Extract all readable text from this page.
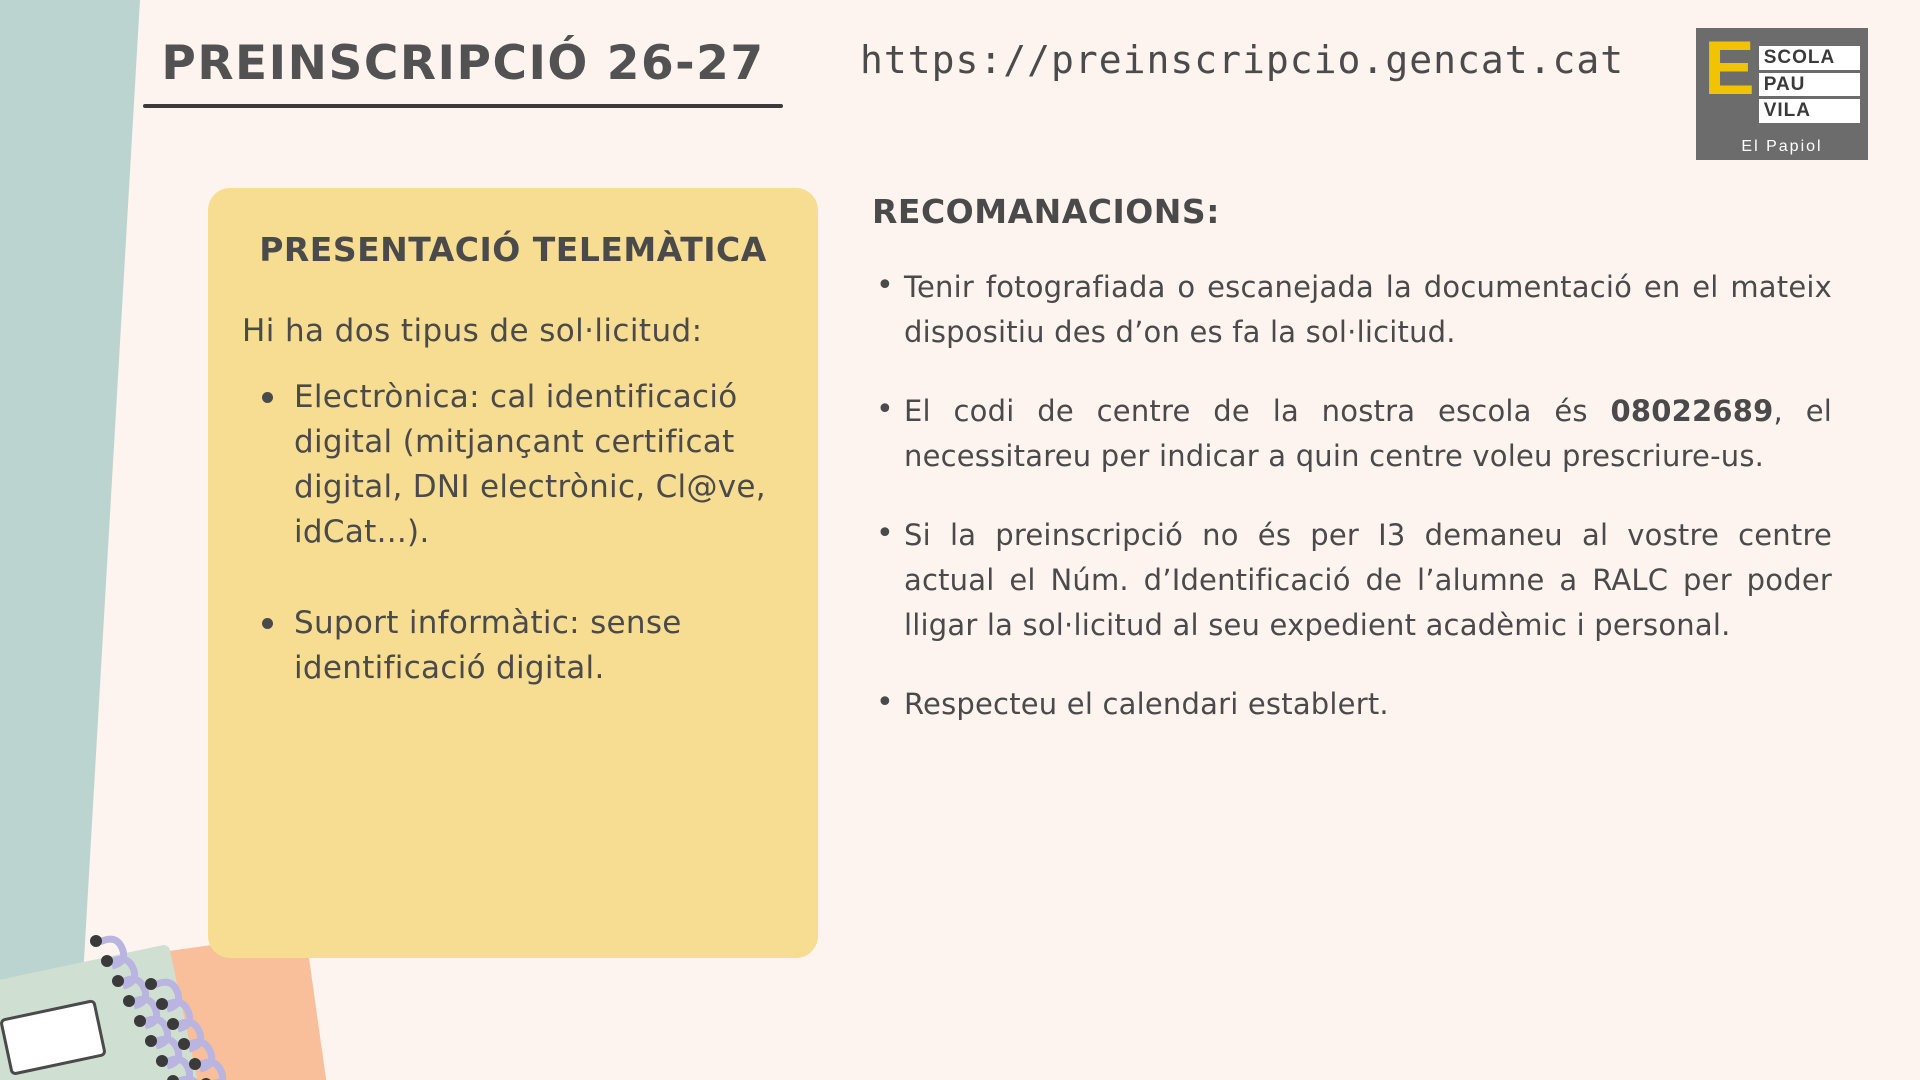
PREINSCRIPCIÓ 26-27	https://preinscripcio.gencat.cat E SCOLA
PAU
VILA
El Papiol
PRESENTACIÓ TELEMÀTICA
Hi ha dos tipus de sol·licitud:
Electrònica: cal identificació digital (mitjançant certificat digital, DNI electrònic, Cl@ve, idCat...).
Suport informàtic: sense identificació digital.
RECOMANACIONS:
• Tenir fotografiada o escanejada la documentació en el mateix dispositiu des d’on es fa la sol·licitud.
• El codi de centre de la nostra escola és 08022689, el necessitareu per indicar a quin centre voleu prescriure-us.
• Si la preinscripció no és per I3 demaneu al vostre centre actual el Núm. d’Identificació de l’alumne a RALC per poder lligar la sol·licitud al seu expedient acadèmic i personal.
• Respecteu el calendari establert.
